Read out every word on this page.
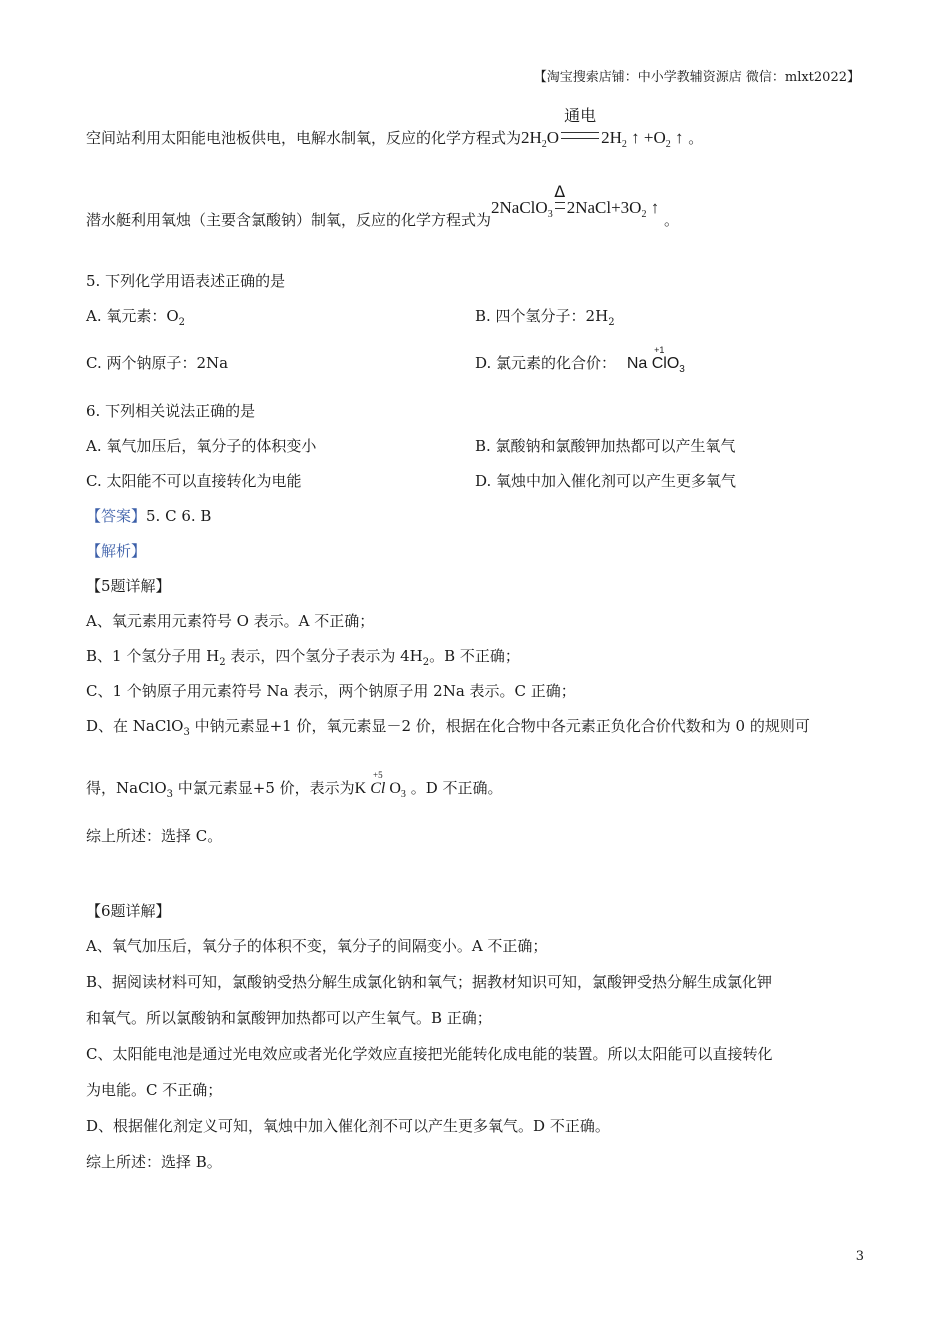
【淘宝搜索店铺：中小学教辅资源店 微信：mlxt2022】
空间站利用太阳能电池板供电，电解水制氧，反应的化学方程式为$2H_2O$
通电
$2H_2$ ↑ $+O_2$ ↑ 。
潜水艇利用氧烛（主要含氯酸钠）制氧，反应的化学方程式为2NaClO$_3$
Δ
$2NaCl+3O_2$ ↑ 。
5. 下列化学用语表述正确的是
A. 氧元素：$O_2$	B. 四个氢分子：$2H_2$
C. 两个钠原子：2Na	D. 氯元素的化合价： Na
+1
ClO$_3$
6. 下列相关说法正确的是
A. 氧气加压后，氧分子的体积变小	B. 氯酸钠和氯酸钾加热都可以产生氧气
C. 太阳能不可以直接转化为电能	D. 氧烛中加入催化剂可以产生更多氧气
【答案】5. C 6. B
【解析】
【5题详解】
A、氧元素用元素符号 O 表示。A 不正确；
B、1 个氢分子用 $H_2$ 表示，四个氢分子表示为 $4H_2$。B 不正确；
C、1 个钠原子用元素符号 Na 表示，两个钠原子用 2Na 表示。C 正确；
D、在 NaClO$_3$ 中钠元素显+1 价，氧元素显－2 价，根据在化合物中各元素正负化合价代数和为 0 的规则可
得，NaClO$_3$ 中氯元素显+5 价，表示为K
+5
Cl $O_3$ 。D 不正确。
综上所述：选择 C。
【6题详解】
A、氧气加压后，氧分子的体积不变，氧分子的间隔变小。A 不正确；
B、据阅读材料可知，氯酸钠受热分解生成氯化钠和氧气；据教材知识可知，氯酸钾受热分解生成氯化钾
和氧气。所以氯酸钠和氯酸钾加热都可以产生氧气。B 正确；
C、太阳能电池是通过光电效应或者光化学效应直接把光能转化成电能的装置。所以太阳能可以直接转化
为电能。C 不正确；
D、根据催化剂定义可知，氧烛中加入催化剂不可以产生更多氧气。D 不正确。
综上所述：选择 B。
3
